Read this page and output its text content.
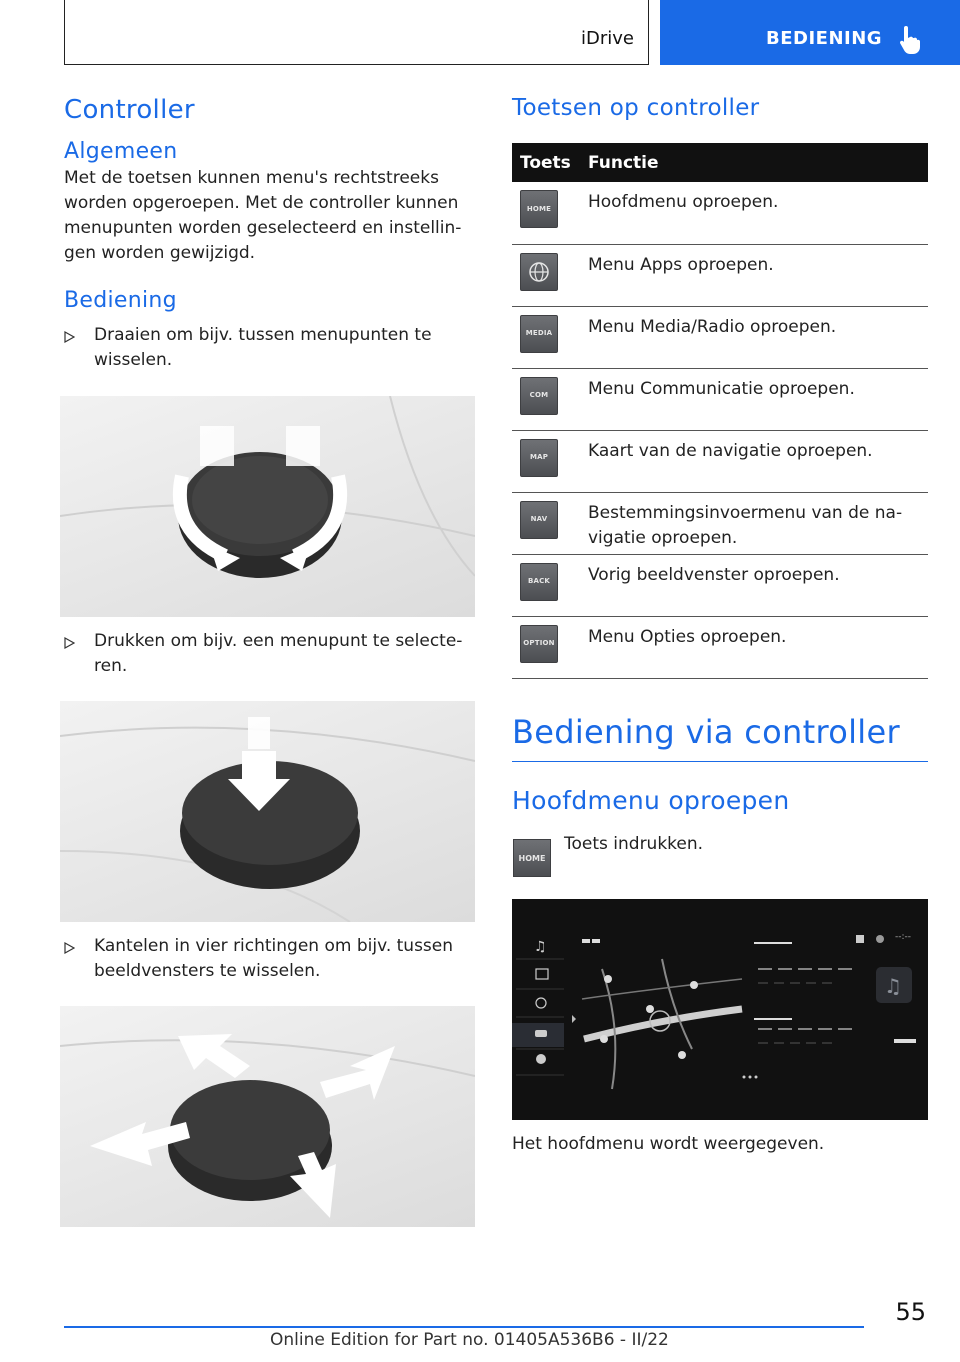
iDrive	BEDIENING
Controller
Algemeen
Met de toetsen kunnen menu's rechtstreeks
worden opgeroepen. Met de controller kunnen
menupunten worden geselecteerd en instellin-
gen worden gewijzigd.
Bediening
Draaien om bijv. tussen menupunten te
wisselen.
Drukken om bijv. een menupunt te selecte-
ren.
Kantelen in vier richtingen om bijv. tussen
beeldvensters te wisselen.
Toetsen op controller
Toets	Functie

HOME	Hoofdmenu oproepen.

	Menu Apps oproepen.

MEDIA	Menu Media/Radio oproepen.

COM	Menu Communicatie oproepen.

MAP	Kaart van de navigatie oproepen.

NAV	Bestemmingsinvoermenu van de na-
vigatie oproepen.

BACK	Vorig beeldvenster oproepen.

OPTION	Menu Opties oproepen.
Bediening via controller
Hoofdmenu oproepen
HOME
Toets indrukken.
♫
♫
--:--
Het hoofdmenu wordt weergegeven.
55
Online Edition for Part no. 01405A536B6 - II/22
